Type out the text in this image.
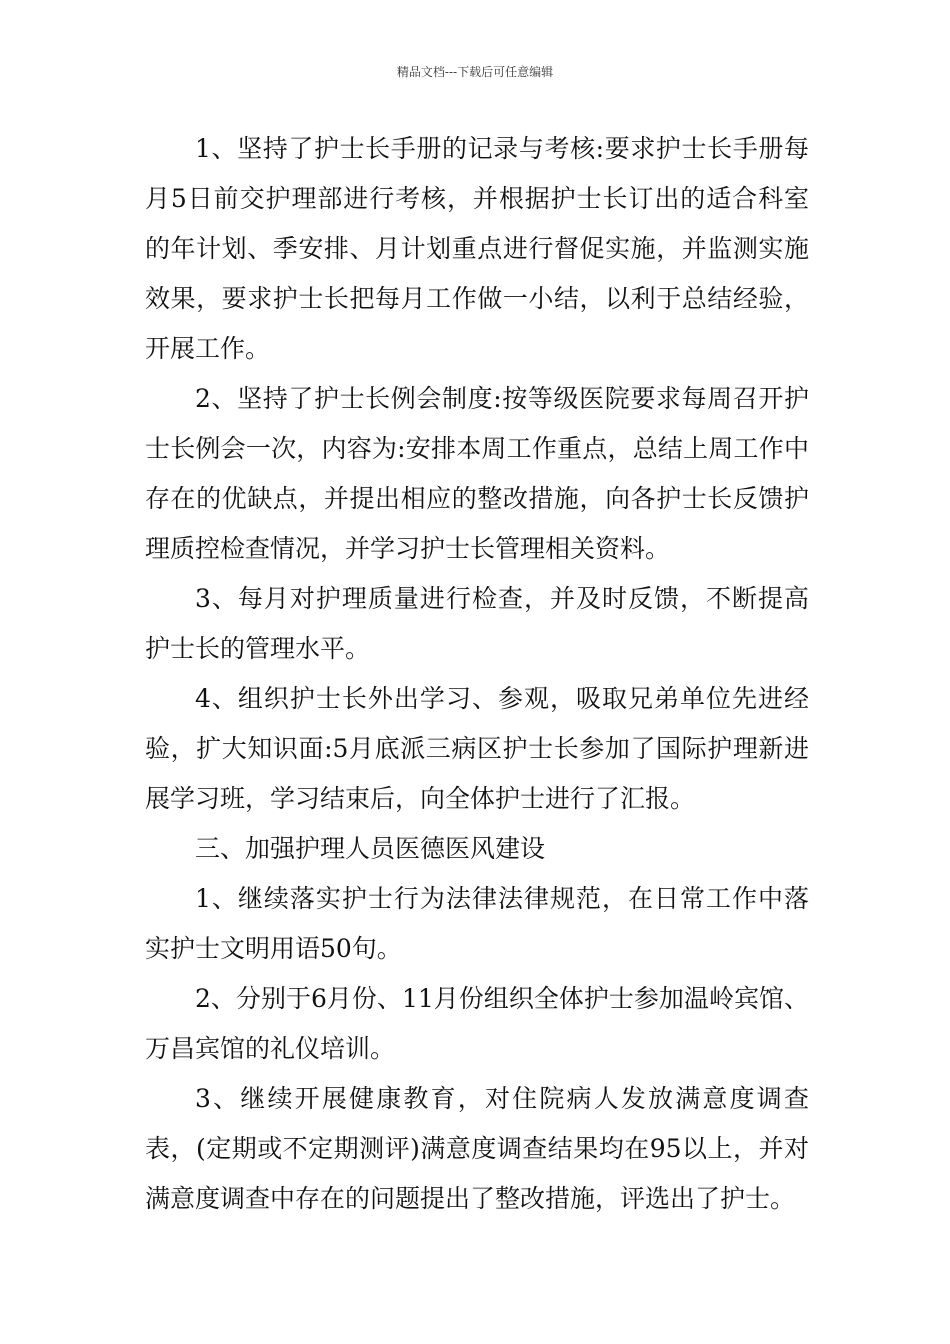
精品文档---下载后可任意编辑

1、坚持了护士长手册的记录与考核:要求护士长手册每月5日前交护理部进行考核，并根据护士长订出的适合科室的年计划、季安排、月计划重点进行督促实施，并监测实施效果，要求护士长把每月工作做一小结，以利于总结经验，开展工作。

2、坚持了护士长例会制度:按等级医院要求每周召开护士长例会一次，内容为:安排本周工作重点，总结上周工作中存在的优缺点，并提出相应的整改措施，向各护士长反馈护理质控检查情况，并学习护士长管理相关资料。

3、每月对护理质量进行检查，并及时反馈，不断提高护士长的管理水平。

4、组织护士长外出学习、参观，吸取兄弟单位先进经验，扩大知识面:5月底派三病区护士长参加了国际护理新进展学习班，学习结束后，向全体护士进行了汇报。

三、加强护理人员医德医风建设

1、继续落实护士行为法律法律规范，在日常工作中落实护士文明用语50句。

2、分别于6月份、11月份组织全体护士参加温岭宾馆、万昌宾馆的礼仪培训。

3、继续开展健康教育，对住院病人发放满意度调查表，(定期或不定期测评)满意度调查结果均在95以上，并对满意度调查中存在的问题提出了整改措施，评选出了护士。
